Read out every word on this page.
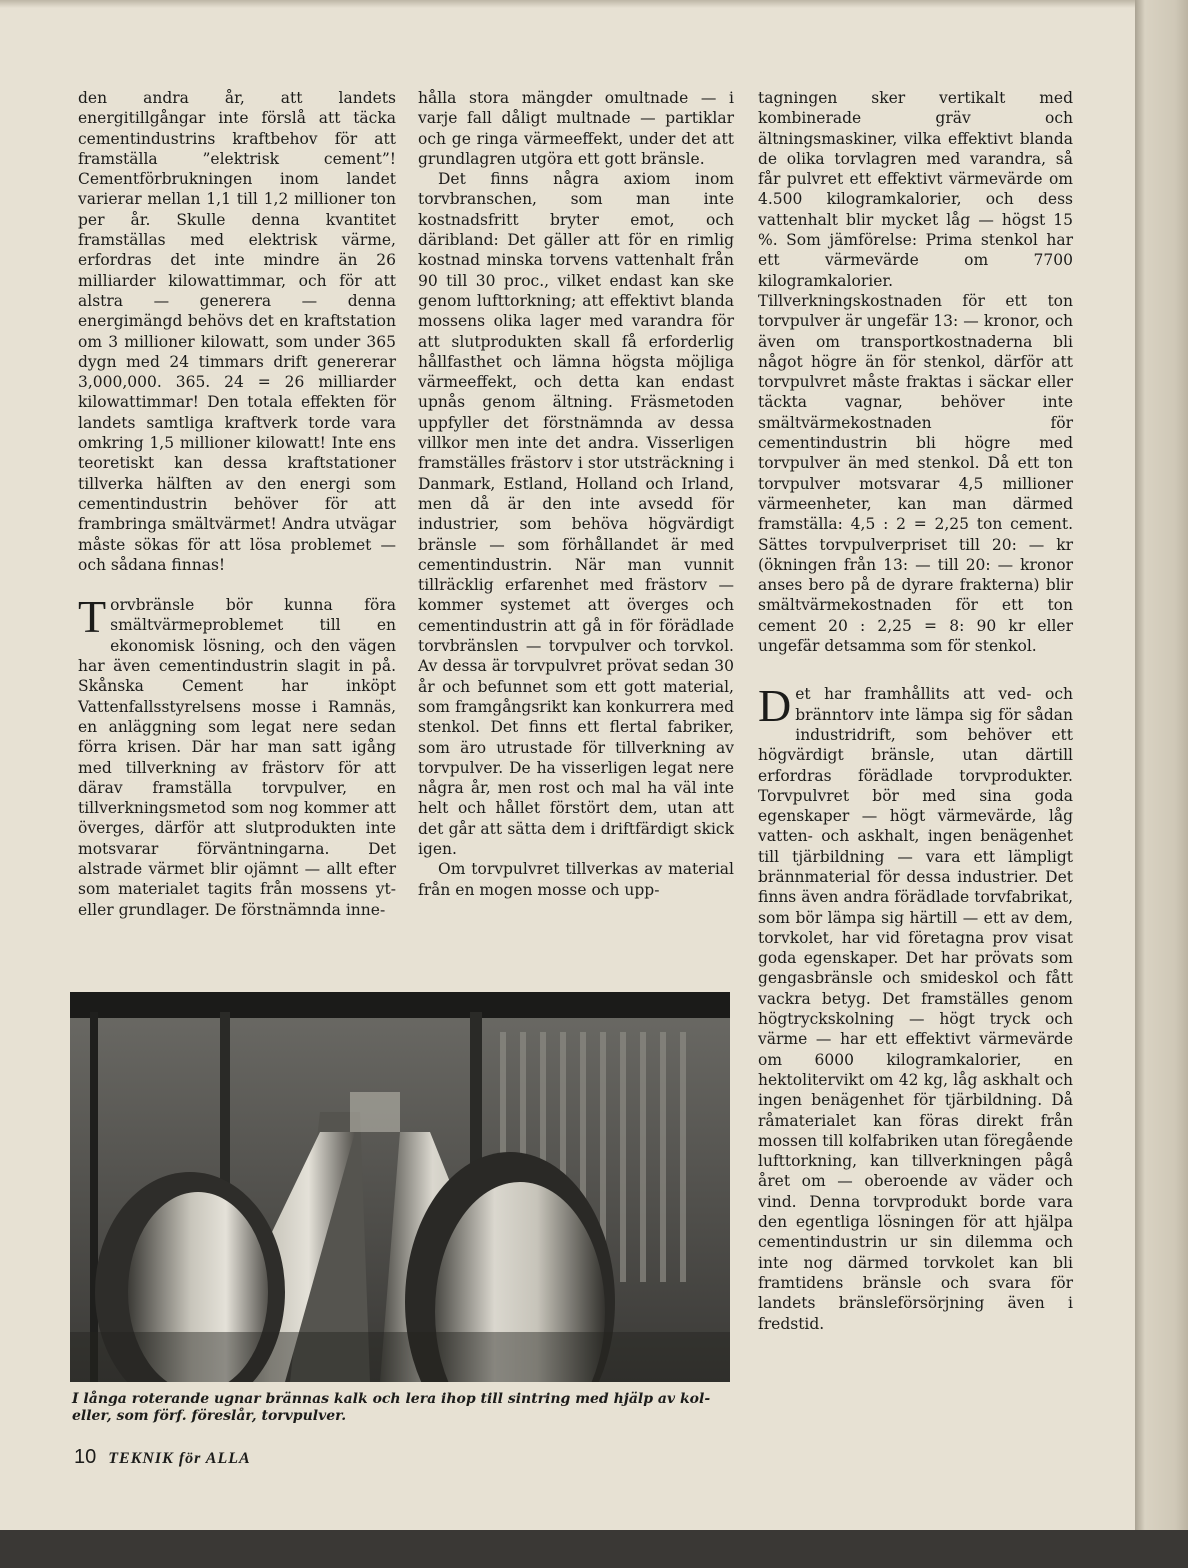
den andra år, att landets energitillgångar inte förslå att täcka cementindustrins kraftbehov för att framställa ”elektrisk cement”! Cementförbrukningen inom landet varierar mellan 1,1 till 1,2 millioner ton per år. Skulle denna kvantitet framställas med elektrisk värme, erfordras det inte mindre än 26 milliarder kilowattimmar, och för att alstra — generera — denna energimängd behövs det en kraftstation om 3 millioner kilowatt, som under 365 dygn med 24 timmars drift genererar 3,000,000. 365. 24 = 26 milliarder kilowattimmar! Den totala effekten för landets samtliga kraftverk torde vara omkring 1,5 millioner kilowatt! Inte ens teoretiskt kan dessa kraftstationer tillverka hälften av den energi som cementindustrin behöver för att frambringa smältvärmet! Andra utvägar måste sökas för att lösa problemet — och sådana finnas!

Torvbränsle bör kunna föra smältvärmeproblemet till en ekonomisk lösning, och den vägen har även cementindustrin slagit in på. Skånska Cement har inköpt Vattenfallsstyrelsens mosse i Ramnäs, en anläggning som legat nere sedan förra krisen. Där har man satt igång med tillverkning av frästorv för att därav framställa torvpulver, en tillverkningsmetod som nog kommer att överges, därför att slutprodukten inte motsvarar förväntningarna. Det alstrade värmet blir ojämnt — allt efter som materialet tagits från mossens yt- eller grundlager. De förstnämnda inne-

hålla stora mängder omultnade — i varje fall dåligt multnade — partiklar och ge ringa värmeeffekt, under det att grundlagren utgöra ett gott bränsle.

Det finns några axiom inom torvbranschen, som man inte kostnadsfritt bryter emot, och däribland: Det gäller att för en rimlig kostnad minska torvens vattenhalt från 90 till 30 proc., vilket endast kan ske genom lufttorkning; att effektivt blanda mossens olika lager med varandra för att slutprodukten skall få erforderlig hållfasthet och lämna högsta möjliga värmeeffekt, och detta kan endast upnås genom ältning. Fräsmetoden uppfyller det förstnämnda av dessa villkor men inte det andra. Visserligen framställes frästorv i stor utsträckning i Danmark, Estland, Holland och Irland, men då är den inte avsedd för industrier, som behöva högvärdigt bränsle — som förhållandet är med cementindustrin. När man vunnit tillräcklig erfarenhet med frästorv — kommer systemet att överges och cementindustrin att gå in för förädlade torvbränslen — torvpulver och torvkol. Av dessa är torvpulvret prövat sedan 30 år och befunnet som ett gott material, som framgångsrikt kan konkurrera med stenkol. Det finns ett flertal fabriker, som äro utrustade för tillverkning av torvpulver. De ha visserligen legat nere några år, men rost och mal ha väl inte helt och hållet förstört dem, utan att det går att sätta dem i driftfärdigt skick igen.

Om torvpulvret tillverkas av material från en mogen mosse och upp-

tagningen sker vertikalt med kombinerade gräv och ältningsmaskiner, vilka effektivt blanda de olika torvlagren med varandra, så får pulvret ett effektivt värmevärde om 4.500 kilogramkalorier, och dess vattenhalt blir mycket låg — högst 15 %. Som jämförelse: Prima stenkol har ett värmevärde om 7700 kilogramkalorier. Tillverkningskostnaden för ett ton torvpulver är ungefär 13: — kronor, och även om transportkostnaderna bli något högre än för stenkol, därför att torvpulvret måste fraktas i säckar eller täckta vagnar, behöver inte smältvärmekostnaden för cementindustrin bli högre med torvpulver än med stenkol. Då ett ton torvpulver motsvarar 4,5 millioner värmeenheter, kan man därmed framställa: 4,5 : 2 = 2,25 ton cement. Sättes torvpulverpriset till 20: — kr (ökningen från 13: — till 20: — kronor anses bero på de dyrare frakterna) blir smältvärmekostnaden för ett ton cement 20 : 2,25 = 8: 90 kr eller ungefär detsamma som för stenkol.

Det har framhållits att ved- och bränntorv inte lämpa sig för sådan industridrift, som behöver ett högvärdigt bränsle, utan därtill erfordras förädlade torvprodukter. Torvpulvret bör med sina goda egenskaper — högt värmevärde, låg vatten- och askhalt, ingen benägenhet till tjärbildning — vara ett lämpligt brännmaterial för dessa industrier. Det finns även andra förädlade torvfabrikat, som bör lämpa sig härtill — ett av dem, torvkolet, har vid företagna prov visat goda egenskaper. Det har prövats som gengasbränsle och smideskol och fått vackra betyg. Det framställes genom högtryckskolning — högt tryck och värme — har ett effektivt värmevärde om 6000 kilogramkalorier, en hektolitervikt om 42 kg, låg askhalt och ingen benägenhet för tjärbildning. Då råmaterialet kan föras direkt från mossen till kolfabriken utan föregående lufttorkning, kan tillverkningen pågå året om — oberoende av väder och vind. Denna torvprodukt borde vara den egentliga lösningen för att hjälpa cementindustrin ur sin dilemma och inte nog därmed torvkolet kan bli framtidens bränsle och svara för landets bränsleförsörjning även i fredstid.

I långa roterande ugnar brännas kalk och lera ihop till sintring med hjälp av kol- eller, som förf. föreslår, torvpulver.
10 TEKNIK för ALLA
